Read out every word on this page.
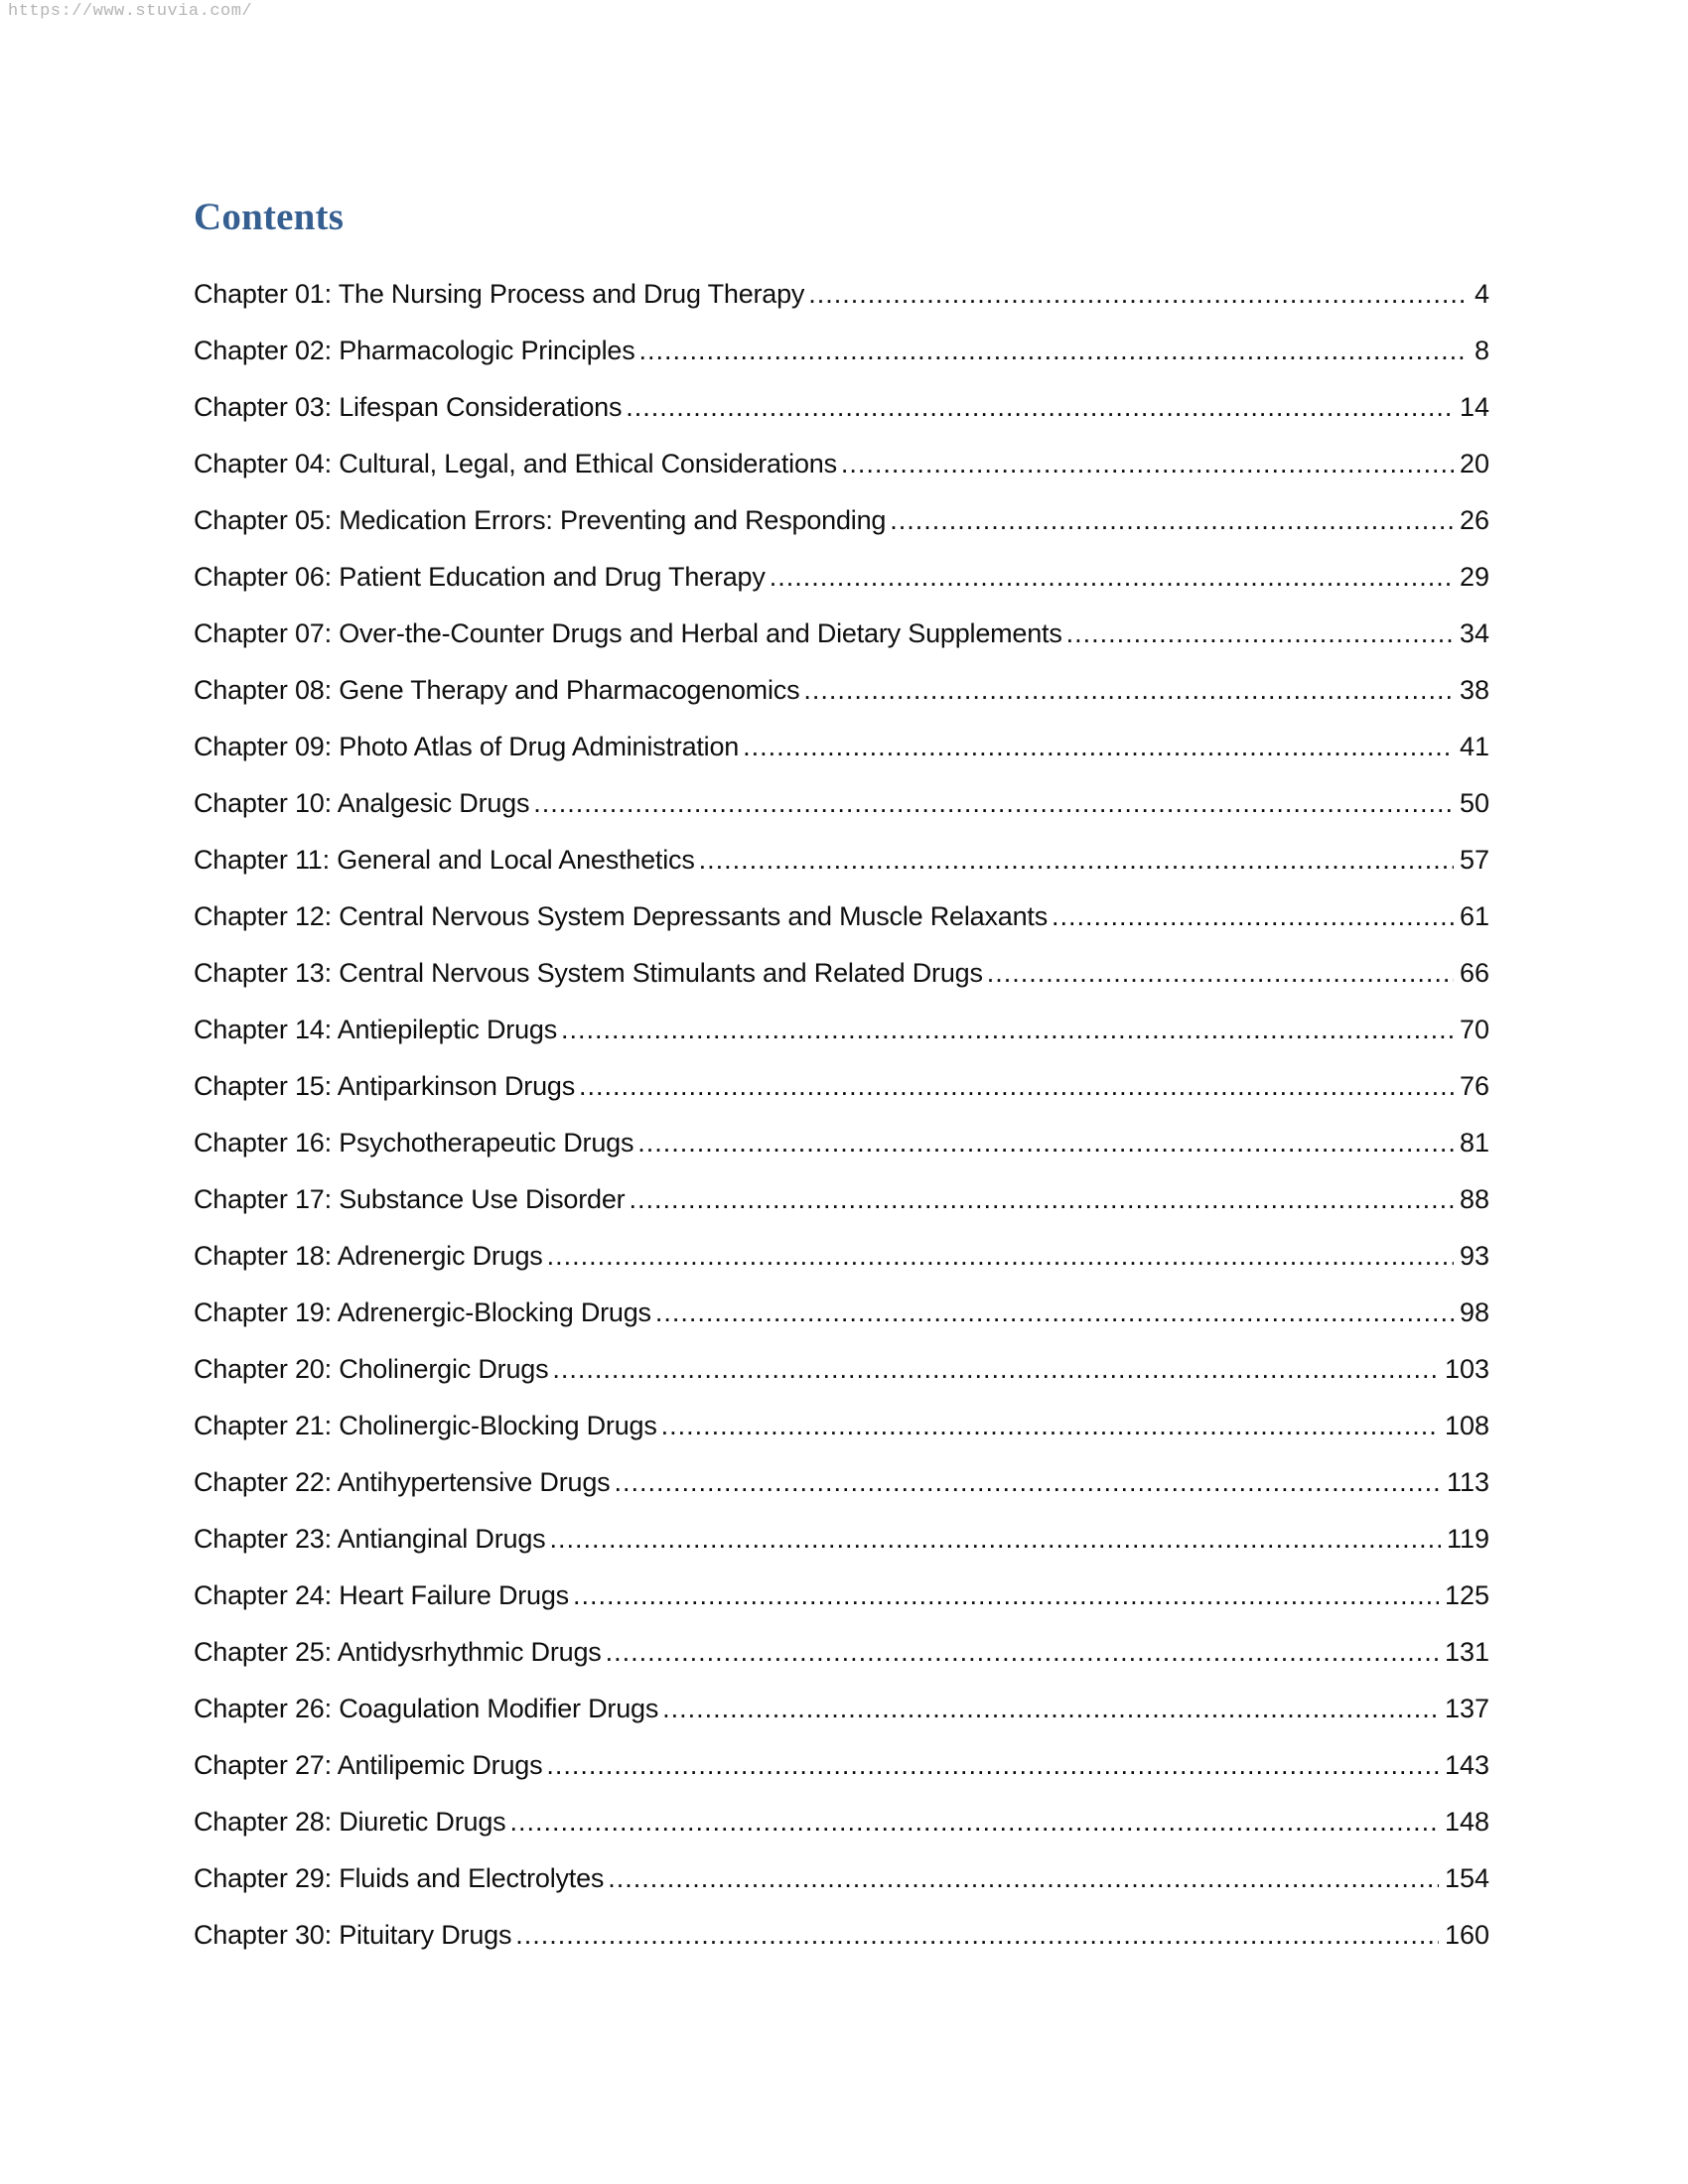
https://www.stuvia.com/
Contents
Chapter 01: The Nursing Process and Drug Therapy .....	4
Chapter 02: Pharmacologic Principles .....	8
Chapter 03: Lifespan Considerations .....	14
Chapter 04: Cultural, Legal, and Ethical Considerations .....	20
Chapter 05: Medication Errors: Preventing and Responding .....	26
Chapter 06: Patient Education and Drug Therapy .....	29
Chapter 07: Over-the-Counter Drugs and Herbal and Dietary Supplements .....	34
Chapter 08: Gene Therapy and Pharmacogenomics .....	38
Chapter 09: Photo Atlas of Drug Administration .....	41
Chapter 10: Analgesic Drugs .....	50
Chapter 11: General and Local Anesthetics .....	57
Chapter 12: Central Nervous System Depressants and Muscle Relaxants .....	61
Chapter 13: Central Nervous System Stimulants and Related Drugs .....	66
Chapter 14: Antiepileptic Drugs .....	70
Chapter 15: Antiparkinson Drugs .....	76
Chapter 16: Psychotherapeutic Drugs .....	81
Chapter 17: Substance Use Disorder .....	88
Chapter 18: Adrenergic Drugs .....	93
Chapter 19: Adrenergic-Blocking Drugs .....	98
Chapter 20: Cholinergic Drugs .....	103
Chapter 21: Cholinergic-Blocking Drugs .....	108
Chapter 22: Antihypertensive Drugs .....	113
Chapter 23: Antianginal Drugs .....	119
Chapter 24: Heart Failure Drugs .....	125
Chapter 25: Antidysrhythmic Drugs .....	131
Chapter 26: Coagulation Modifier Drugs .....	137
Chapter 27: Antilipemic Drugs .....	143
Chapter 28: Diuretic Drugs .....	148
Chapter 29: Fluids and Electrolytes .....	154
Chapter 30: Pituitary Drugs .....	160
